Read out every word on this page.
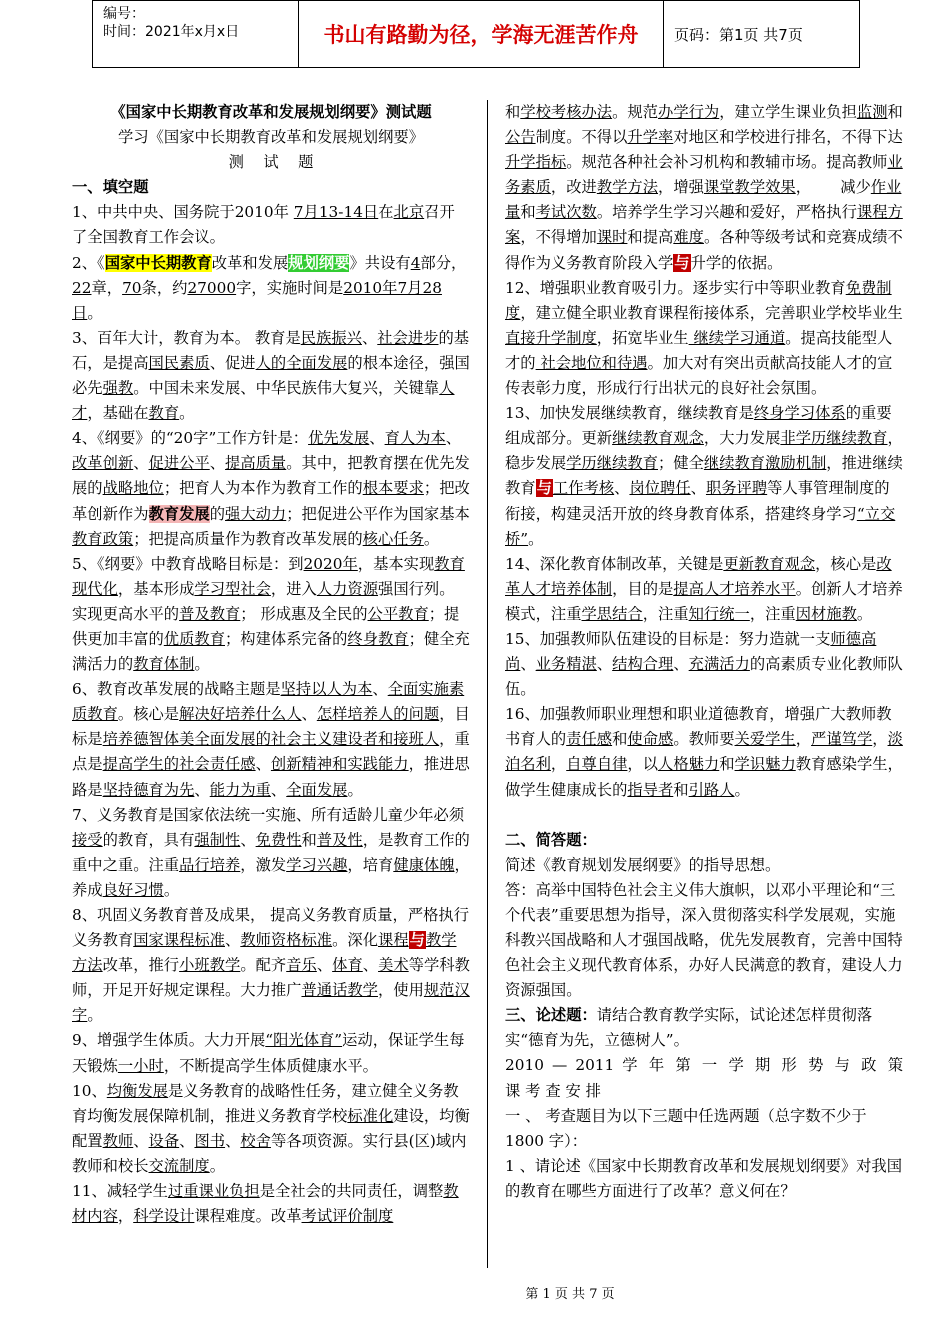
编号：
时间：2021年x月x日	书山有路勤为径，学海无涯苦作舟	页码：第1页 共7页

《国家中长期教育改革和发展规划纲要》测试题

学习《国家中长期教育改革和发展规划纲要》

测    试    题

一、填空题

1、中共中央、国务院于2010年 7月13-14日在北京召开了全国教育工作会议。

2、《国家中长期教育改革和发展规划纲要》共设有4部分，22章，70条，约27000字，实施时间是2010年7月28日。

3、百年大计，教育为本。 教育是民族振兴、社会进步的基石，是提高国民素质、促进人的全面发展的根本途径，强国必先强教。中国未来发展、中华民族伟大复兴，关键靠人才，基础在教育。

4、《纲要》的“20字”工作方针是：优先发展、育人为本、改革创新、促进公平、提高质量。其中，把教育摆在优先发展的战略地位；把育人为本作为教育工作的根本要求；把改革创新作为教育发展的强大动力；把促进公平作为国家基本教育政策；把提高质量作为教育改革发展的核心任务。

5、《纲要》中教育战略目标是：到2020年，基本实现教育现代化，基本形成学习型社会，进入人力资源强国行列。 实现更高水平的普及教育； 形成惠及全民的公平教育；提供更加丰富的优质教育；构建体系完备的终身教育；健全充满活力的教育体制。

6、教育改革发展的战略主题是坚持以人为本、全面实施素质教育。核心是解决好培养什么人、怎样培养人的问题，目标是培养德智体美全面发展的社会主义建设者和接班人，重点是提高学生的社会责任感、创新精神和实践能力，推进思路是坚持德育为先、能力为重、全面发展。

7、义务教育是国家依法统一实施、所有适龄儿童少年必须接受的教育，具有强制性、免费性和普及性，是教育工作的重中之重。注重品行培养，激发学习兴趣，培育健康体魄，养成良好习惯。

8、巩固义务教育普及成果， 提高义务教育质量，严格执行义务教育国家课程标准、教师资格标准。深化课程与教学方法改革，推行小班教学。配齐音乐、体育、美术等学科教师，开足开好规定课程。大力推广普通话教学，使用规范汉字。

9、增强学生体质。大力开展“阳光体育”运动，保证学生每天锻炼一小时，不断提高学生体质健康水平。

10、均衡发展是义务教育的战略性任务，建立健全义务教育均衡发展保障机制，推进义务教育学校标准化建设，均衡配置教师、设备、图书、校舍等各项资源。实行县(区)域内教师和校长交流制度。

11、减轻学生过重课业负担是全社会的共同责任，调整教材内容，科学设计课程难度。改革考试评价制度

和学校考核办法。规范办学行为，建立学生课业负担监测和公告制度。不得以升学率对地区和学校进行排名，不得下达升学指标。规范各种社会补习机构和教辅市场。提高教师业务素质，改进教学方法，增强课堂教学效果，      减少作业量和考试次数。培养学生学习兴趣和爱好，严格执行课程方案，不得增加课时和提高难度。各种等级考试和竞赛成绩不得作为义务教育阶段入学与升学的依据。

12、增强职业教育吸引力。逐步实行中等职业教育免费制度，建立健全职业教育课程衔接体系，完善职业学校毕业生 直接升学制度，拓宽毕业生 继续学习通道。提高技能型人才的 社会地位和待遇。加大对有突出贡献高技能人才的宣传表彰力度，形成行行出状元的良好社会氛围。

13、加快发展继续教育，继续教育是终身学习体系的重要组成部分。更新继续教育观念，大力发展非学历继续教育，稳步发展学历继续教育；健全继续教育激励机制，推进继续教育与工作考核、岗位聘任、职务评聘等人事管理制度的衔接，构建灵活开放的终身教育体系，搭建终身学习“立交桥”。

14、深化教育体制改革，关键是更新教育观念，核心是改革人才培养体制，目的是提高人才培养水平。创新人才培养模式，注重学思结合，注重知行统一，注重因材施教。

15、加强教师队伍建设的目标是：努力造就一支师德高尚、业务精湛、结构合理、充满活力的高素质专业化教师队伍。

16、加强教师职业理想和职业道德教育，增强广大教师教书育人的责任感和使命感。教师要关爱学生，严谨笃学，淡泊名利，自尊自律，以人格魅力和学识魅力教育感染学生，做学生健康成长的指导者和引路人。

二、简答题：

简述《教育规划发展纲要》的指导思想。

答：高举中国特色社会主义伟大旗帜，以邓小平理论和“三个代表”重要思想为指导，深入贯彻落实科学发展观，实施科教兴国战略和人才强国战略，优先发展教育，完善中国特色社会主义现代教育体系，办好人民满意的教育，建设人力资源强国。

三、论述题：请结合教育教学实际，试论述怎样贯彻落实“德育为先，立德树人”。

2010 — 2011 学 年 第 一 学 期 形 势 与 政 策

课 考 查 安 排

一 、 考查题目为以下三题中任选两题（总字数不少于 1800 字）：

1 、请论述《国家中长期教育改革和发展规划纲要》对我国的教育在哪些方面进行了改革？意义何在？

第 1 页 共 7 页
